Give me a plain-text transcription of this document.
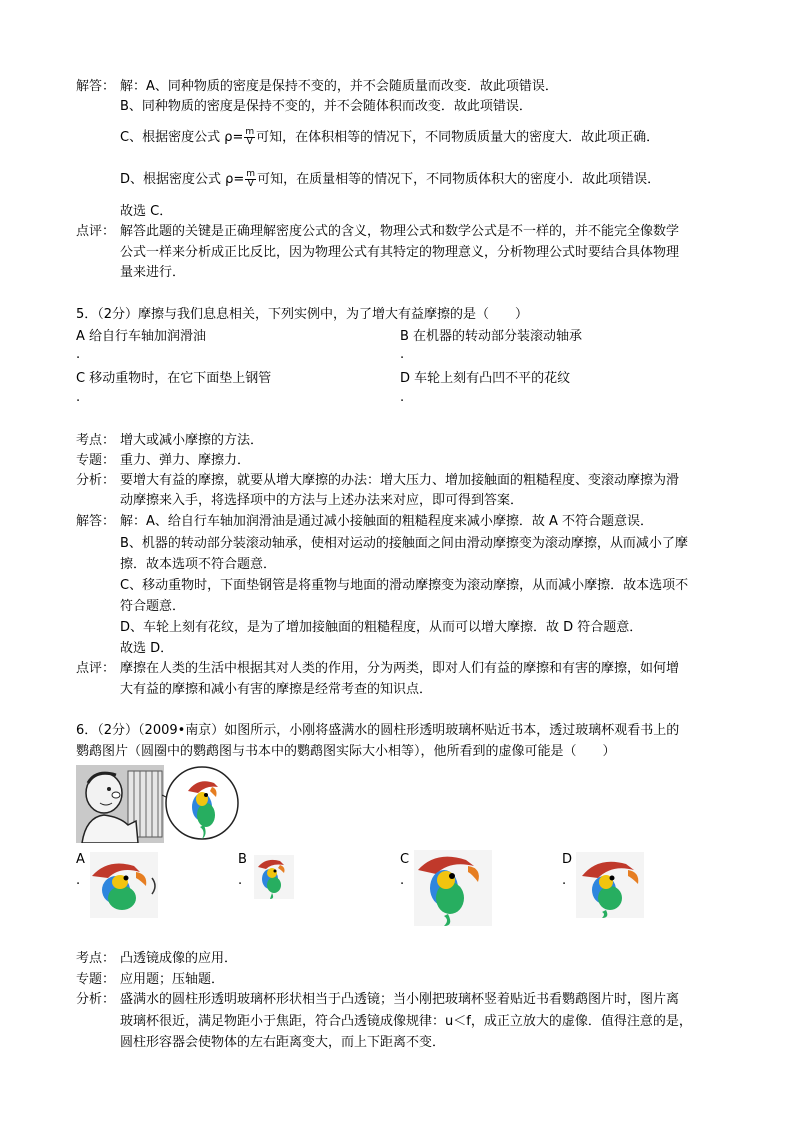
解答： 解：A、同种物质的密度是保持不变的，并不会随质量而改变．故此项错误．
B、同种物质的密度是保持不变的，并不会随体积而改变．故此项错误．
C、根据密度公式 $\rho= \frac{m}{V}$ 可知，在体积相等的情况下，不同物质质量大的密度大．故此项正确．
D、根据密度公式 $\rho= \frac{m}{V}$ 可知，在质量相等的情况下，不同物质体积大的密度小．故此项错误．
故选 C．
点评： 解答此题的关键是正确理解密度公式的含义，物理公式和数学公式是不一样的，并不能完全像数学
公式一样来分析成正比反比，因为物理公式有其特定的物理意义，分析物理公式时要结合具体物理
量来进行．
5．（2分）摩擦与我们息息相关，下列实例中，为了增大有益摩擦的是（　　）
A 给自行车轴加润滑油	B 在机器的转动部分装滚动轴承
.	.
C 移动重物时，在它下面垫上钢管	D 车轮上刻有凸凹不平的花纹
.	.
考点： 增大或减小摩擦的方法．
专题： 重力、弹力、摩擦力．
分析： 要增大有益的摩擦，就要从增大摩擦的办法：增大压力、增加接触面的粗糙程度、变滚动摩擦为滑
动摩擦来入手，将选择项中的方法与上述办法来对应，即可得到答案．
解答： 解：A、给自行车轴加润滑油是通过减小接触面的粗糙程度来减小摩擦．故 A 不符合题意误．
B、机器的转动部分装滚动轴承，使相对运动的接触面之间由滑动摩擦变为滚动摩擦，从而减小了摩
擦．故本选项不符合题意．
C、移动重物时，下面垫钢管是将重物与地面的滑动摩擦变为滚动摩擦，从而减小摩擦．故本选项不
符合题意．
D、车轮上刻有花纹，是为了增加接触面的粗糙程度，从而可以增大摩擦．故 D 符合题意．
故选 D．
点评： 摩擦在人类的生活中根据其对人类的作用，分为两类，即对人们有益的摩擦和有害的摩擦，如何增
大有益的摩擦和减小有害的摩擦是经常考查的知识点．
6．（2分）（2009•南京）如图所示，小刚将盛满水的圆柱形透明玻璃杯贴近书本，透过玻璃杯观看书上的
鹦鹉图片（圆圈中的鹦鹉图与书本中的鹦鹉图实际大小相等），他所看到的虚像可能是（　　）
A
.
B
.
C
.
D
.
考点： 凸透镜成像的应用．
专题： 应用题；压轴题．
分析： 盛满水的圆柱形透明玻璃杯形状相当于凸透镜；当小刚把玻璃杯竖着贴近书看鹦鹉图片时，图片离
玻璃杯很近，满足物距小于焦距，符合凸透镜成像规律：u＜f，成正立放大的虚像．值得注意的是，
圆柱形容器会使物体的左右距离变大，而上下距离不变．
